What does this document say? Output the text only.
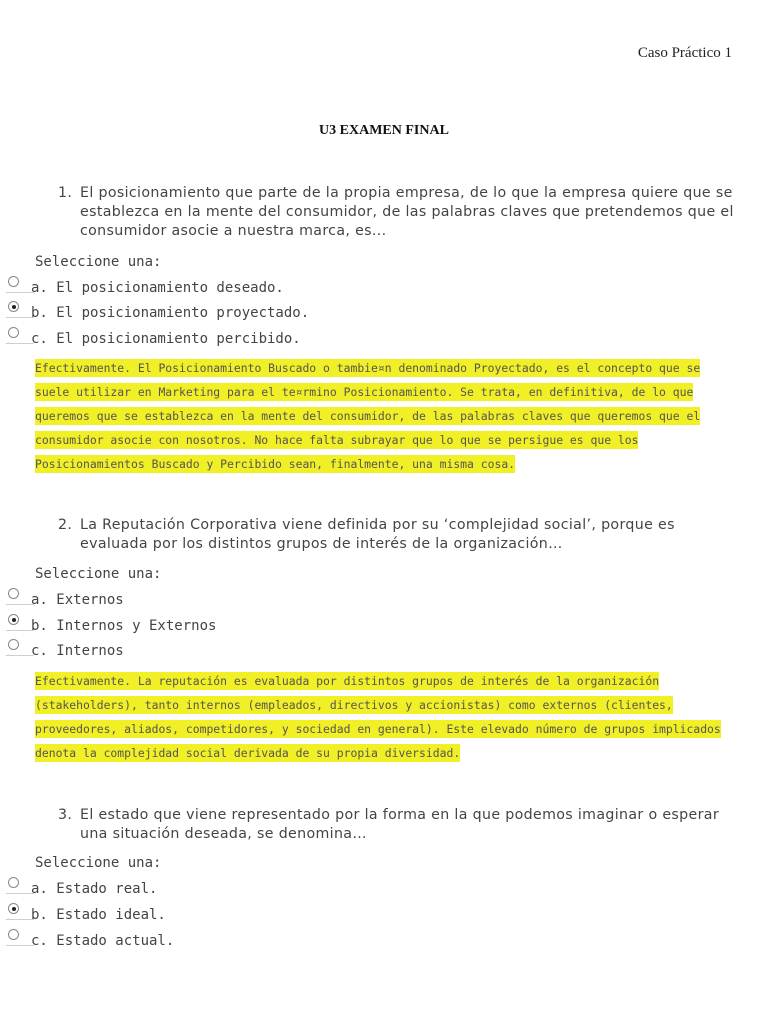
Caso Práctico 1
U3 EXAMEN FINAL
1. El posicionamiento que parte de la propia empresa, de lo que la empresa quiere que se establezca en la mente del consumidor, de las palabras claves que pretendemos que el consumidor asocie a nuestra marca, es...
Seleccione una:
a. El posicionamiento deseado.
b. El posicionamiento proyectado.
c. El posicionamiento percibido.
Efectivamente. El Posicionamiento Buscado o tambie¤n denominado Proyectado, es el concepto que se suele utilizar en Marketing para el te¤rmino Posicionamiento. Se trata, en definitiva, de lo que queremos que se establezca en la mente del consumidor, de las palabras claves que queremos que el consumidor asocie con nosotros. No hace falta subrayar que lo que se persigue es que los Posicionamientos Buscado y Percibido sean, finalmente, una misma cosa.
2. La Reputación Corporativa viene definida por su ‘complejidad social’, porque es evaluada por los distintos grupos de interés de la organización…
Seleccione una:
a. Externos
b. Internos y Externos
c. Internos
Efectivamente. La reputación es evaluada por distintos grupos de interés de la organización (stakeholders), tanto internos (empleados, directivos y accionistas) como externos (clientes, proveedores, aliados, competidores, y sociedad en general). Este elevado número de grupos implicados denota la complejidad social derivada de su propia diversidad.
3. El estado que viene representado por la forma en la que podemos imaginar o esperar una situación deseada, se denomina…
Seleccione una:
a. Estado real.
b. Estado ideal.
c. Estado actual.
